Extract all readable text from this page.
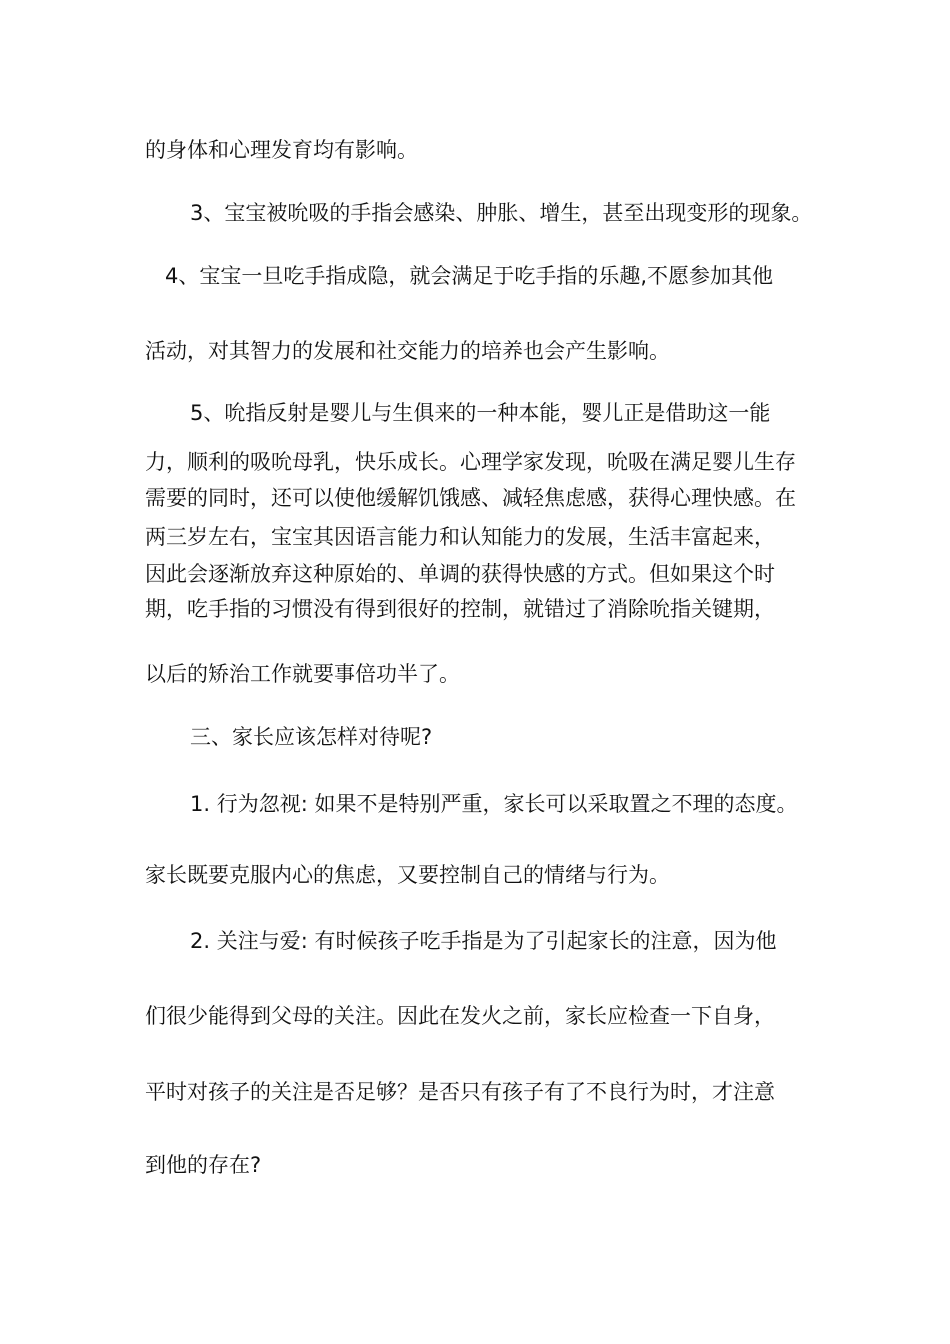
的身体和心理发育均有影响。
3、宝宝被吮吸的手指会感染、肿胀、增生，甚至出现变形的现象。
4、宝宝一旦吃手指成隐，就会满足于吃手指的乐趣,不愿参加其他
活动，对其智力的发展和社交能力的培养也会产生影响。
5、吮指反射是婴儿与生俱来的一种本能，婴儿正是借助这一能
力，顺利的吸吮母乳，快乐成长。心理学家发现，吮吸在满足婴儿生存
需要的同时，还可以使他缓解饥饿感、减轻焦虑感，获得心理快感。在
两三岁左右，宝宝其因语言能力和认知能力的发展，生活丰富起来，
因此会逐渐放弃这种原始的、单调的获得快感的方式。但如果这个时
期，吃手指的习惯没有得到很好的控制，就错过了消除吮指关键期，
以后的矫治工作就要事倍功半了。
三、家长应该怎样对待呢?
1. 行为忽视: 如果不是特别严重，家长可以采取置之不理的态度。
家长既要克服内心的焦虑，又要控制自己的情绪与行为。
2. 关注与爱: 有时候孩子吃手指是为了引起家长的注意，因为他
们很少能得到父母的关注。因此在发火之前，家长应检查一下自身，
平时对孩子的关注是否足够？是否只有孩子有了不良行为时，才注意
到他的存在?
